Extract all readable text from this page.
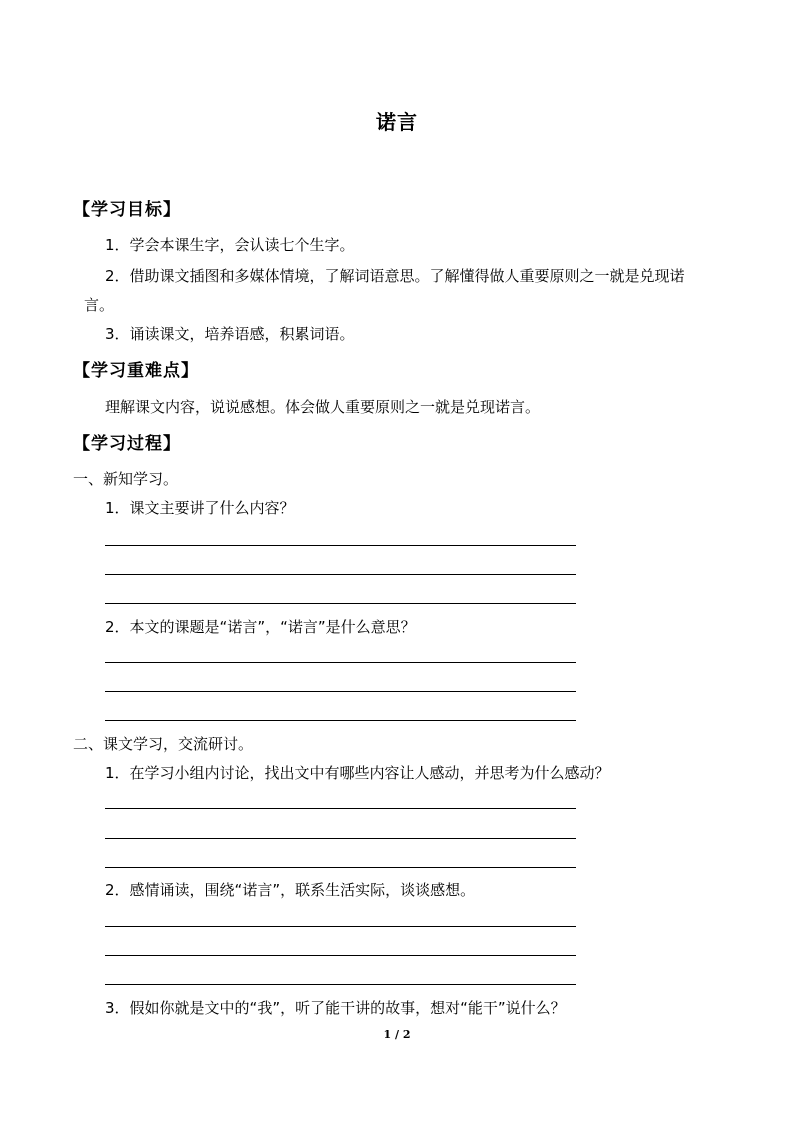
诺言
【学习目标】
1．学会本课生字，会认读七个生字。
2．借助课文插图和多媒体情境，了解词语意思。了解懂得做人重要原则之一就是兑现诺
言。
3．诵读课文，培养语感，积累词语。
【学习重难点】
理解课文内容，说说感想。体会做人重要原则之一就是兑现诺言。
【学习过程】
一、新知学习。
1．课文主要讲了什么内容？
2．本文的课题是“诺言”，“诺言”是什么意思？
二、课文学习，交流研讨。
1．在学习小组内讨论，找出文中有哪些内容让人感动，并思考为什么感动？
2．感情诵读，围绕“诺言”，联系生活实际，谈谈感想。
3．假如你就是文中的“我”，听了能干讲的故事，想对“能干”说什么？
1 / 2
